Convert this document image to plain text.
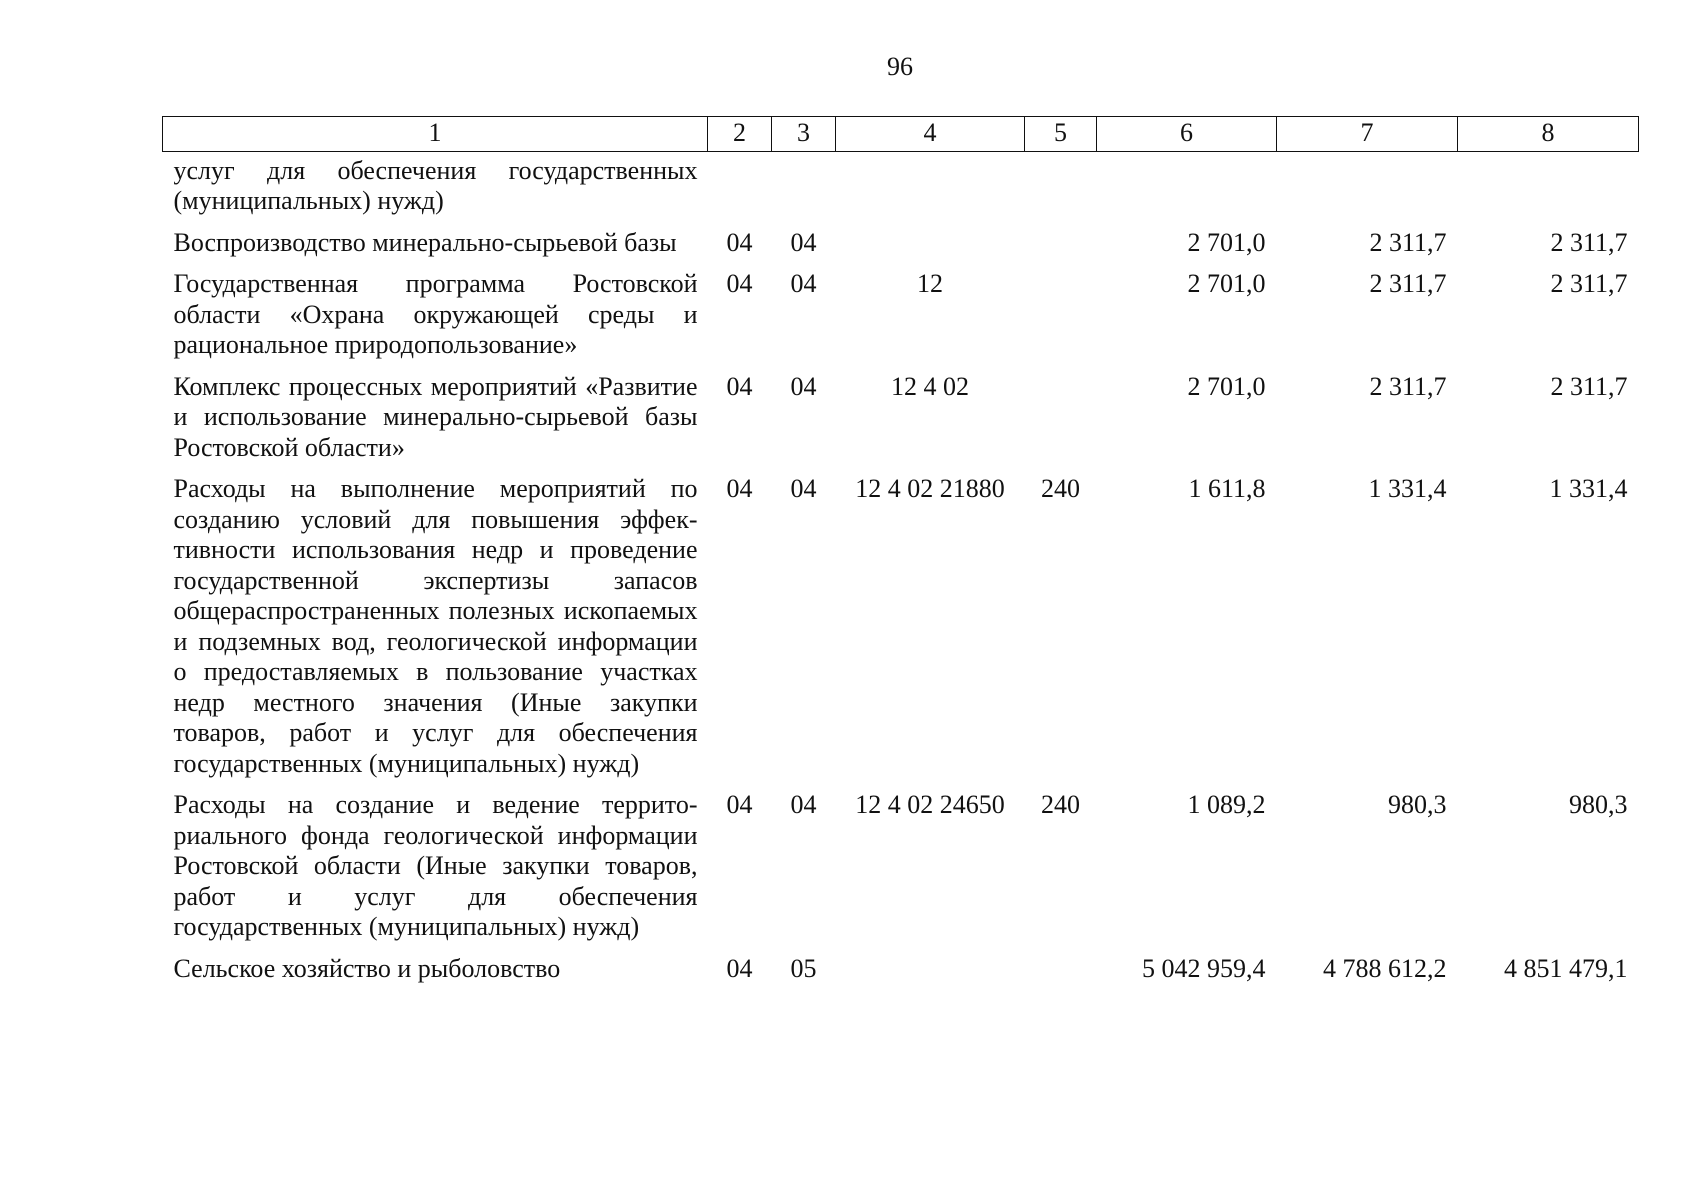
96
1	2	3	4	5	6	7	8
услуг для обеспечения государственных (муниципальных) нужд)							
Воспроизводство минерально-сырьевой базы	04	04			2 701,0	2 311,7	2 311,7
Государственная программа Ростовской области «Охрана окружающей среды и рациональное природопользование»	04	04	12		2 701,0	2 311,7	2 311,7
Комплекс процессных мероприятий «Развитие и использование минерально-сырьевой базы Ростовской области»	04	04	12 4 02		2 701,0	2 311,7	2 311,7
Расходы на выполнение мероприятий по созданию условий для повышения эффективности использования недр и проведение государственной экспертизы запасов общераспространенных полезных ископаемых и подземных вод, геологической информации о предоставляемых в пользование участках недр местного значения (Иные закупки товаров, работ и услуг для обеспечения государственных (муниципальных) нужд)	04	04	12 4 02 21880	240	1 611,8	1 331,4	1 331,4
Расходы на создание и ведение территориального фонда геологической информации Ростовской области (Иные закупки товаров, работ и услуг для обеспечения государственных (муниципальных) нужд)	04	04	12 4 02 24650	240	1 089,2	980,3	980,3
Сельское хозяйство и рыболовство	04	05			5 042 959,4	4 788 612,2	4 851 479,1
